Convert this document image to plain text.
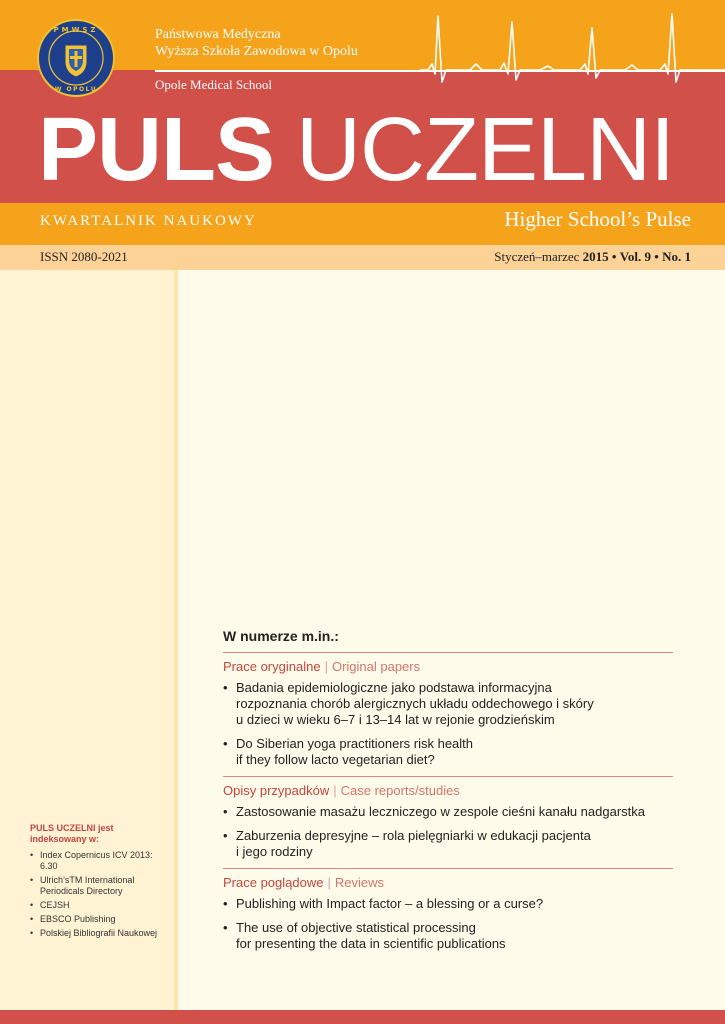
PMWSZ
W OPOLU
Państwowa Medyczna
Wyższa Szkoła Zawodowa w Opolu
Opole Medical School
PULS UCZELNI
KWARTALNIK NAUKOWY	Higher School’s Pulse
ISSN 2080-2021	Styczeń–marzec 2015 • Vol. 9 • No. 1
PULS UCZELNI jest indeksowany w:
• Index Copernicus ICV 2013: 6.30
• Ulrich’sTM International Periodicals Directory
• CEJSH
• EBSCO Publishing
• Polskiej Bibliografii Naukowej
W numerze m.in.:
Prace oryginalne | Original papers
• Badania epidemiologiczne jako podstawa informacyjna
rozpoznania chorób alergicznych układu oddechowego i skóry
u dzieci w wieku 6–7 i 13–14 lat w rejonie grodzieńskim
• Do Siberian yoga practitioners risk health
if they follow lacto vegetarian diet?
Opisy przypadków | Case reports/studies
• Zastosowanie masażu leczniczego w zespole cieśni kanału nadgarstka
• Zaburzenia depresyjne – rola pielęgniarki w edukacji pacjenta
i jego rodziny
Prace poglądowe | Reviews
• Publishing with Impact factor – a blessing or a curse?
• The use of objective statistical processing
for presenting the data in scientific publications
